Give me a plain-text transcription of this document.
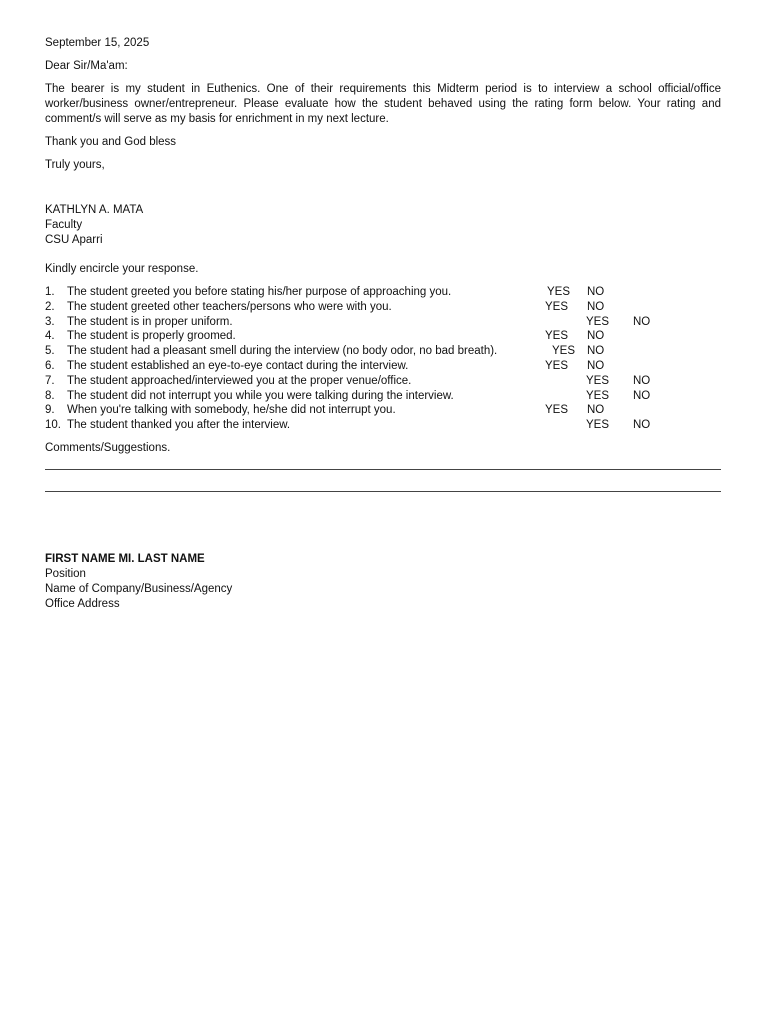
September 15, 2025

Dear Sir/Ma'am:

The bearer is my student in Euthenics. One of their requirements this Midterm period is to interview a school official/office worker/business owner/entrepreneur. Please evaluate how the student behaved using the rating form below. Your rating and comment/s will serve as my basis for enrichment in my next lecture.

Thank you and God bless

Truly yours,

KATHLYN A. MATA

Faculty

CSU Aparri

Kindly encircle your response.

1. The student greeted you before stating his/her purpose of approaching you.	YES NO
2. The student greeted other teachers/persons who were with you.	YES NO
3. The student is in proper uniform.	YES NO
4. The student is properly groomed.	YES NO
5. The student had a pleasant smell during the interview (no body odor, no bad breath).	YES NO
6. The student established an eye-to-eye contact during the interview.	YES NO
7. The student approached/interviewed you at the proper venue/office.	YES NO
8. The student did not interrupt you while you were talking during the interview.	YES NO
9. When you're talking with somebody, he/she did not interrupt you.	YES NO
10. The student thanked you after the interview.	YES NO

Comments/Suggestions.

FIRST NAME MI. LAST NAME

Position

Name of Company/Business/Agency

Office Address
